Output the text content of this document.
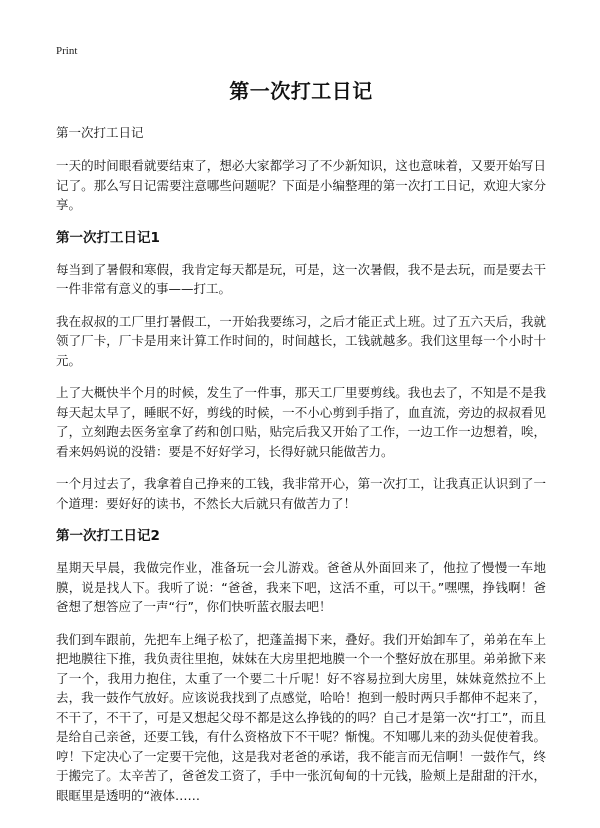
Print
第一次打工日记
第一次打工日记

一天的时间眼看就要结束了，想必大家都学习了不少新知识，这也意味着，又要开始写日记了。那么写日记需要注意哪些问题呢？下面是小编整理的第一次打工日记，欢迎大家分享。

第一次打工日记1

每当到了暑假和寒假，我肯定每天都是玩，可是，这一次暑假，我不是去玩，而是要去干一件非常有意义的事——打工。

我在叔叔的工厂里打暑假工，一开始我要练习，之后才能正式上班。过了五六天后，我就领了厂卡，厂卡是用来计算工作时间的，时间越长，工钱就越多。我们这里每一个小时十元。

上了大概快半个月的时候，发生了一件事，那天工厂里要剪线。我也去了，不知是不是我每天起太早了，睡眠不好，剪线的时候，一不小心剪到手指了，血直流，旁边的叔叔看见了，立刻跑去医务室拿了药和创口贴，贴完后我又开始了工作，一边工作一边想着，唉，看来妈妈说的没错：要是不好好学习，长得好就只能做苦力。

一个月过去了，我拿着自己挣来的工钱，我非常开心，第一次打工，让我真正认识到了一个道理：要好好的读书，不然长大后就只有做苦力了！

第一次打工日记2

星期天早晨，我做完作业，准备玩一会儿游戏。爸爸从外面回来了，他拉了慢慢一车地膜，说是找人下。我听了说：“爸爸，我来下吧，这活不重，可以干。”嘿嘿，挣钱啊！爸爸想了想答应了一声“行”，你们快听蓝衣服去吧！

我们到车跟前，先把车上绳子松了，把蓬盖揭下来，叠好。我们开始卸车了，弟弟在车上把地膜往下推，我负责往里抱，妹妹在大房里把地膜一个一个整好放在那里。弟弟掀下来了一个，我用力抱住，太重了一个要二十斤呢！好不容易拉到大房里，妹妹竟然拉不上去，我一鼓作气放好。应该说我找到了点感觉，哈哈！抱到一般时两只手都伸不起来了，不干了，不干了，可是又想起父母不都是这么挣钱的的吗？自己才是第一次“打工”，而且是给自己亲爸，还要工钱，有什么资格放下不干呢？惭愧。不知哪儿来的劲头促使着我。哼！下定决心了一定要干完他，这是我对老爸的承诺，我不能言而无信啊！一鼓作气，终于搬完了。太辛苦了，爸爸发工资了，手中一张沉甸甸的十元钱，脸颊上是甜甜的汗水，眼眶里是透明的“液体……
